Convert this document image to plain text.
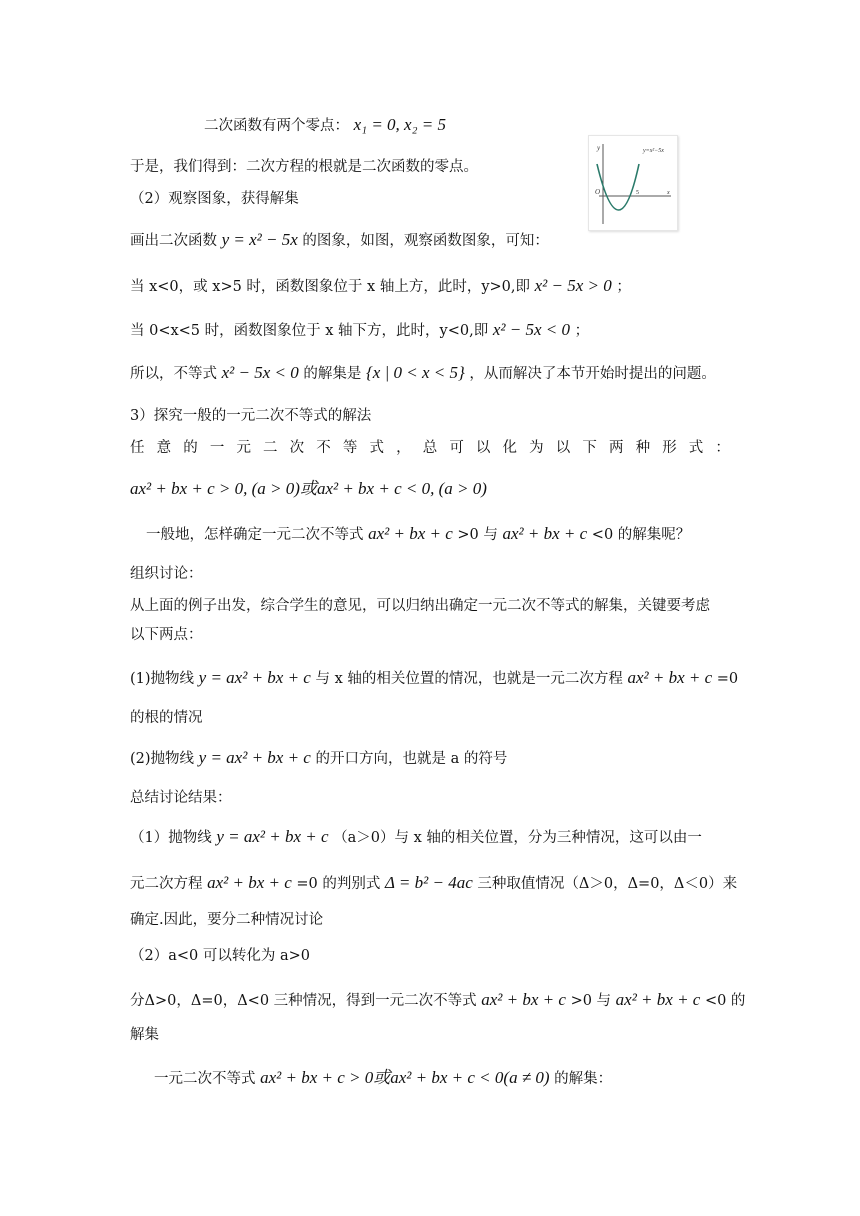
二次函数有两个零点： x₁ = 0, x₂ = 5
于是，我们得到：二次方程的根就是二次函数的零点。
（2）观察图象，获得解集
y	y=x²−5x
O	5	x
画出二次函数 y = x² − 5x 的图象，如图，观察函数图象，可知：
当 x<0，或 x>5 时，函数图象位于 x 轴上方，此时，y>0,即 x² − 5x > 0 ；
当 0<x<5 时，函数图象位于 x 轴下方，此时，y<0,即 x² − 5x < 0 ；
所以，不等式 x² − 5x < 0 的解集是 {x | 0 < x < 5} ，从而解决了本节开始时提出的问题。
3）探究一般的一元二次不等式的解法
任 意 的 一 元 二 次 不 等 式 ， 总 可 以 化 为 以 下 两 种 形 式 ：
ax² + bx + c > 0, (a > 0)或ax² + bx + c < 0, (a > 0)
一般地，怎样确定一元二次不等式 ax² + bx + c >0 与 ax² + bx + c <0 的解集呢？
组织讨论：
从上面的例子出发，综合学生的意见，可以归纳出确定一元二次不等式的解集，关键要考虑
以下两点：
(1)抛物线 y = ax² + bx + c 与 x 轴的相关位置的情况，也就是一元二次方程 ax² + bx + c =0
的根的情况
(2)抛物线 y = ax² + bx + c 的开口方向，也就是 a 的符号
总结讨论结果：
（1）抛物线 y = ax² + bx + c （a＞0）与 x 轴的相关位置，分为三种情况，这可以由一
元二次方程 ax² + bx + c =0 的判别式 Δ = b² − 4ac 三种取值情况（Δ＞0，Δ=0，Δ＜0）来
确定.因此，要分二种情况讨论
（2）a<0 可以转化为 a>0
分Δ>0，Δ=0，Δ<0 三种情况，得到一元二次不等式 ax² + bx + c >0 与 ax² + bx + c <0 的
解集
一元二次不等式 ax² + bx + c > 0或ax² + bx + c < 0(a ≠ 0) 的解集：
